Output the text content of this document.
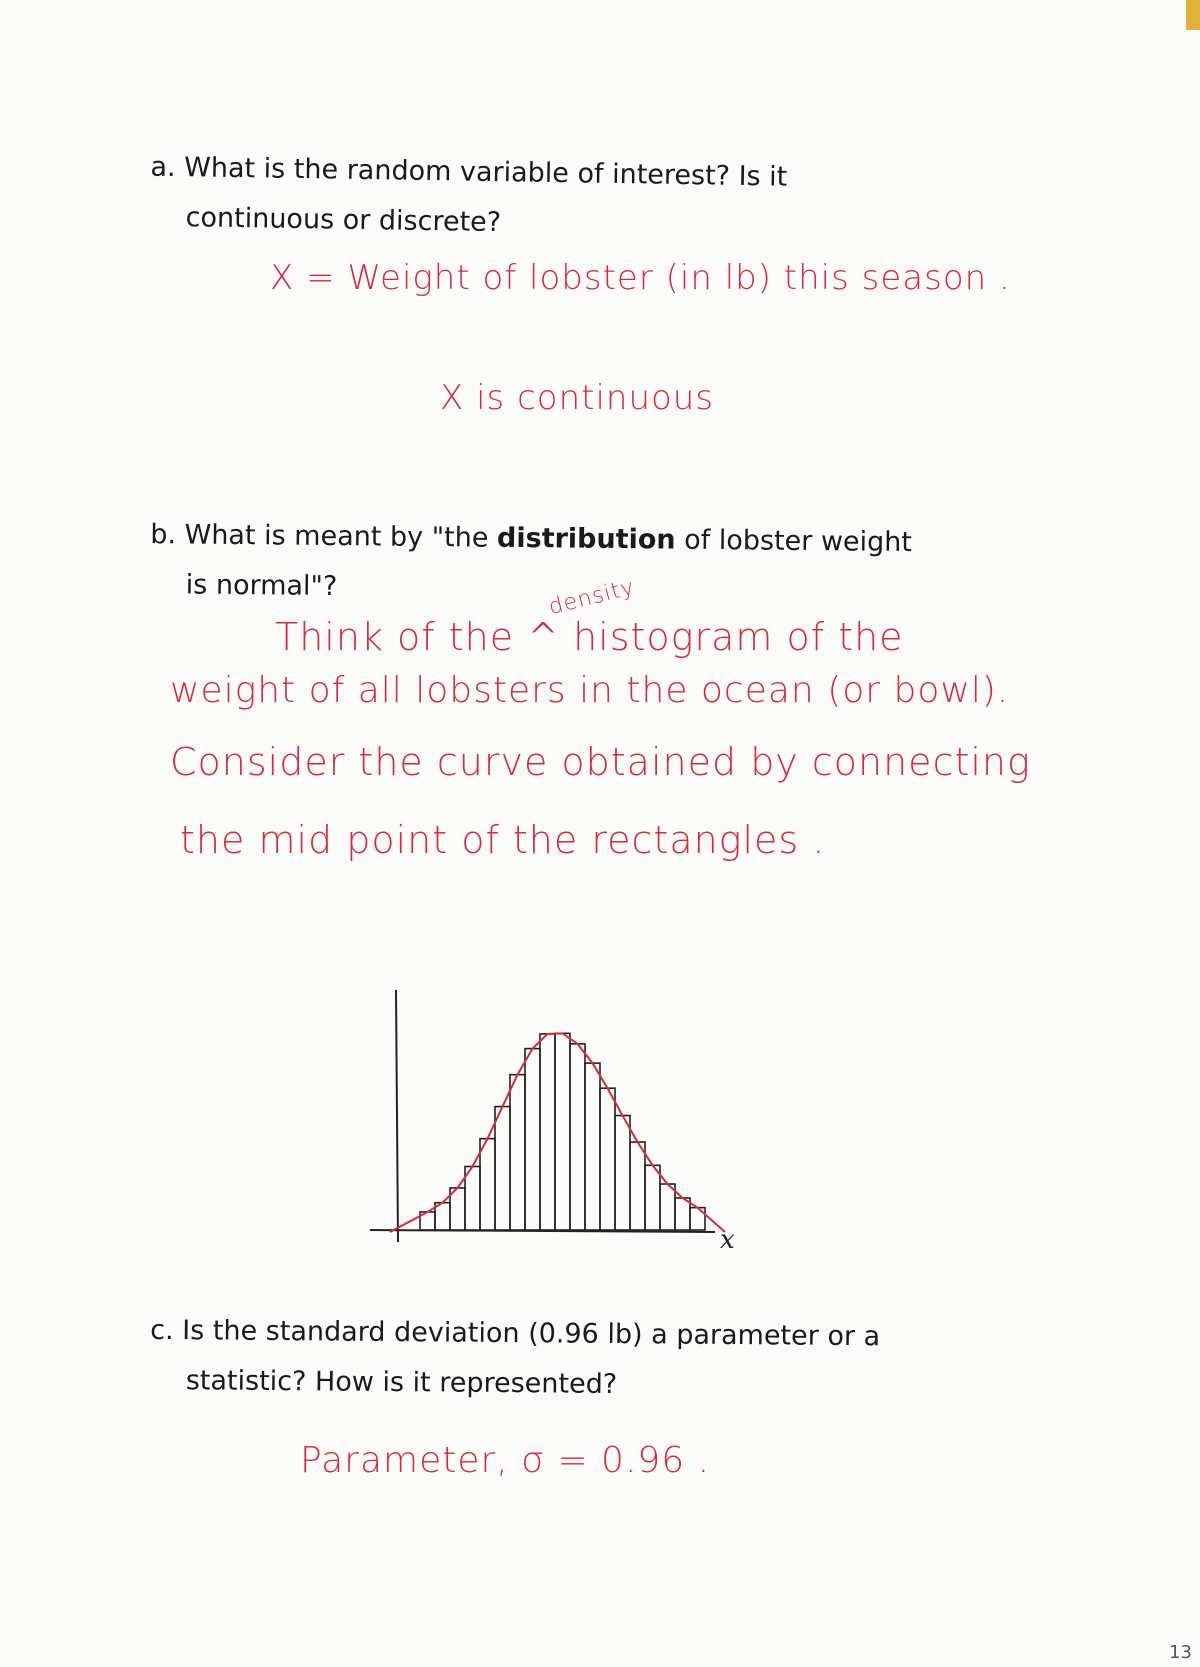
a. What is the random variable of interest? Is it
continuous or discrete?
X = Weight of lobster (in lb) this season .
X is continuous
b. What is meant by "the distribution of lobster weight
is normal"?	density
Think of the ^ histogram of the
weight of all lobsters in the ocean (or bowl).
Consider the curve obtained by connecting
the mid point of the rectangles .
x
c. Is the standard deviation (0.96 lb) a parameter or a
statistic? How is it represented?
Parameter, σ = 0.96 .
13
